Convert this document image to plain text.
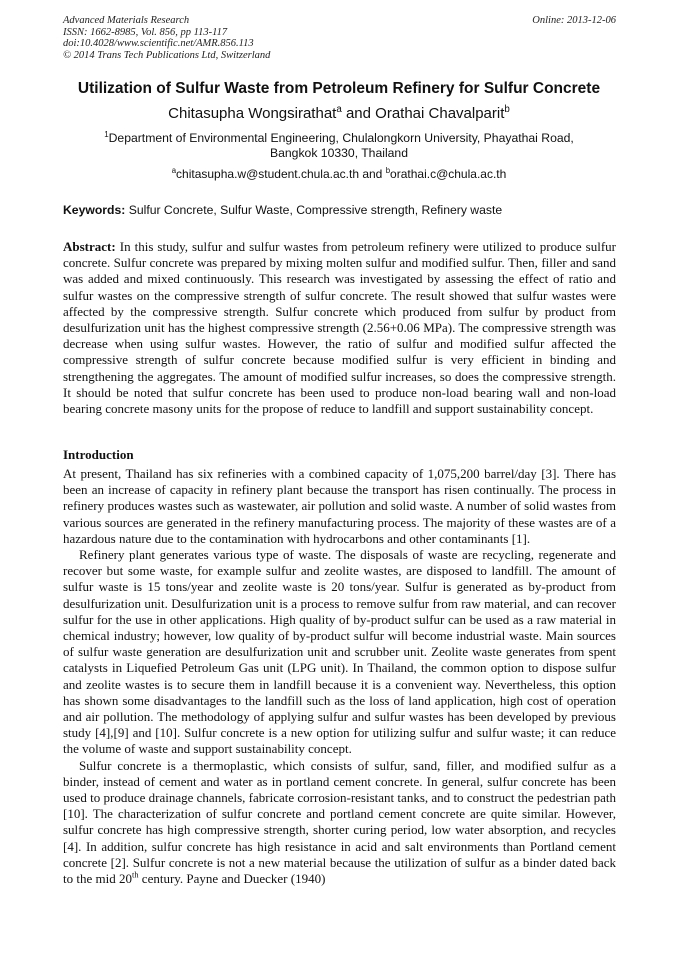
Advanced Materials Research
ISSN: 1662-8985, Vol. 856, pp 113-117
doi:10.4028/www.scientific.net/AMR.856.113
© 2014 Trans Tech Publications Ltd, Switzerland
Online: 2013-12-06
Utilization of Sulfur Waste from Petroleum Refinery for Sulfur Concrete
Chitasupha Wongsirathat$^a$ and Orathai Chavalparit$^b$
$^1$Department of Environmental Engineering, Chulalongkorn University, Phayathai Road, Bangkok 10330, Thailand
$^a$chitasupha.w@student.chula.ac.th and $^b$orathai.c@chula.ac.th
Keywords: Sulfur Concrete, Sulfur Waste, Compressive strength, Refinery waste
Abstract: In this study, sulfur and sulfur wastes from petroleum refinery were utilized to produce sulfur concrete. Sulfur concrete was prepared by mixing molten sulfur and modified sulfur. Then, filler and sand was added and mixed continuously. This research was investigated by assessing the effect of ratio and sulfur wastes on the compressive strength of sulfur concrete. The result showed that sulfur wastes were affected by the compressive strength. Sulfur concrete which produced from sulfur by product from desulfurization unit has the highest compressive strength (2.56+0.06 MPa). The compressive strength was decrease when using sulfur wastes. However, the ratio of sulfur and modified sulfur affected the compressive strength of sulfur concrete because modified sulfur is very efficient in binding and strengthening the aggregates. The amount of modified sulfur increases, so does the compressive strength. It should be noted that sulfur concrete has been used to produce non-load bearing wall and non-load bearing concrete masony units for the propose of reduce to landfill and support sustainability concept.
Introduction

At present, Thailand has six refineries with a combined capacity of 1,075,200 barrel/day [3]. There has been an increase of capacity in refinery plant because the transport has risen continually. The process in refinery produces wastes such as wastewater, air pollution and solid waste. A number of solid wastes from various sources are generated in the refinery manufacturing process. The majority of these wastes are of a hazardous nature due to the contamination with hydrocarbons and other contaminants [1].

Refinery plant generates various type of waste. The disposals of waste are recycling, regenerate and recover but some waste, for example sulfur and zeolite wastes, are disposed to landfill. The amount of sulfur waste is 15 tons/year and zeolite waste is 20 tons/year. Sulfur is generated as by-product from desulfurization unit. Desulfurization unit is a process to remove sulfur from raw material, and can recover sulfur for the use in other applications. High quality of by-product sulfur can be used as a raw material in chemical industry; however, low quality of by-product sulfur will become industrial waste. Main sources of sulfur waste generation are desulfurization unit and scrubber unit. Zeolite waste generates from spent catalysts in Liquefied Petroleum Gas unit (LPG unit). In Thailand, the common option to dispose sulfur and zeolite wastes is to secure them in landfill because it is a convenient way. Nevertheless, this option has shown some disadvantages to the landfill such as the loss of land application, high cost of operation and air pollution. The methodology of applying sulfur and sulfur wastes has been developed by previous study [4],[9] and [10]. Sulfur concrete is a new option for utilizing sulfur and sulfur waste; it can reduce the volume of waste and support sustainability concept.

Sulfur concrete is a thermoplastic, which consists of sulfur, sand, filler, and modified sulfur as a binder, instead of cement and water as in portland cement concrete. In general, sulfur concrete has been used to produce drainage channels, fabricate corrosion-resistant tanks, and to construct the pedestrian path [10]. The characterization of sulfur concrete and portland cement concrete are quite similar. However, sulfur concrete has high compressive strength, shorter curing period, low water absorption, and recycles [4]. In addition, sulfur concrete has high resistance in acid and salt environments than Portland cement concrete [2]. Sulfur concrete is not a new material because the utilization of sulfur as a binder dated back to the mid 20th century. Payne and Duecker (1940)
